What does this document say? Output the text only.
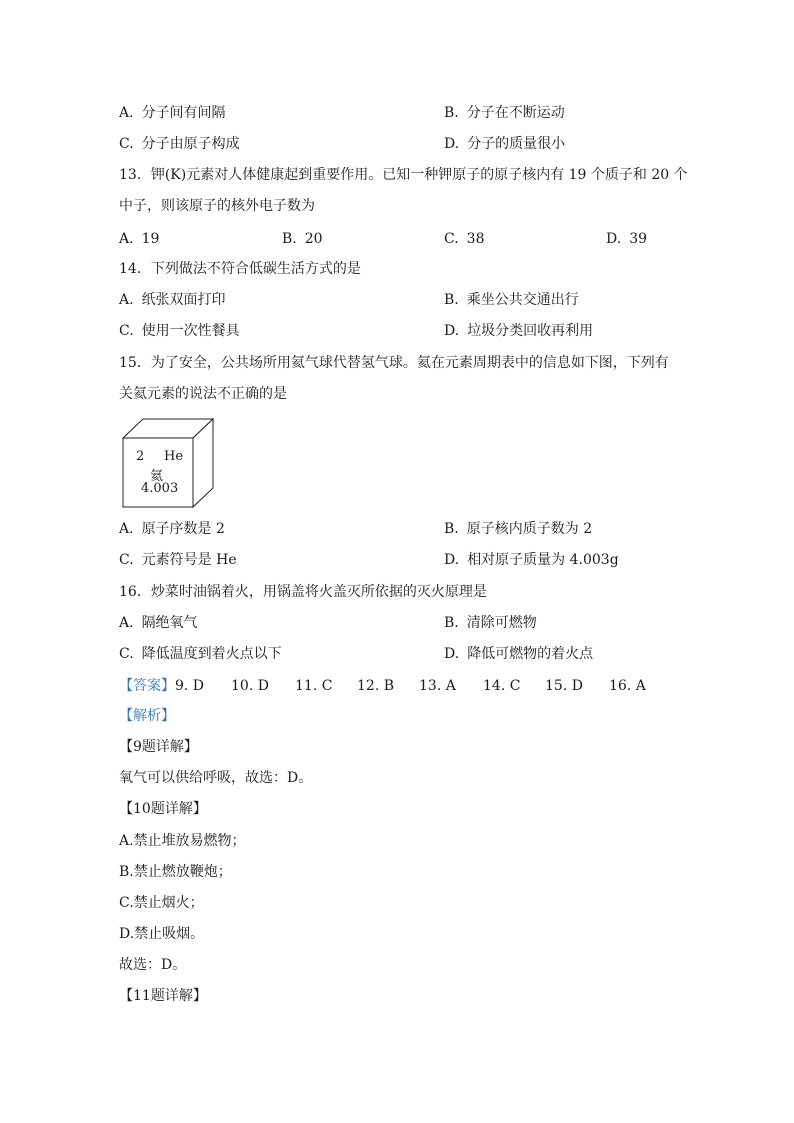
A. 分子间有间隔	B. 分子在不断运动
C. 分子由原子构成	D. 分子的质量很小
13．钾(K)元素对人体健康起到重要作用。已知一种钾原子的原子核内有 19 个质子和 20 个
中子，则该原子的核外电子数为
A. 19	B. 20	C. 38	D. 39
14．下列做法不符合低碳生活方式的是
A. 纸张双面打印	B. 乘坐公共交通出行
C. 使用一次性餐具	D. 垃圾分类回收再利用
15．为了安全，公共场所用氦气球代替氢气球。氦在元素周期表中的信息如下图，下列有
关氦元素的说法不正确的是
2 He
氦
4.003
A. 原子序数是 2	B. 原子核内质子数为 2
C. 元素符号是 He	D. 相对原子质量为 4.003g
16．炒菜时油锅着火，用锅盖将火盖灭所依据的灭火原理是
A. 隔绝氧气	B. 清除可燃物
C. 降低温度到着火点以下	D. 降低可燃物的着火点
【答案】 9. D 10. D 11. C 12. B 13. A 14. C 15. D 16. A
【解析】
【9题详解】
氧气可以供给呼吸，故选：D。
【10题详解】
A.禁止堆放易燃物；
B.禁止燃放鞭炮；
C.禁止烟火；
D.禁止吸烟。
故选：D。
【11题详解】
